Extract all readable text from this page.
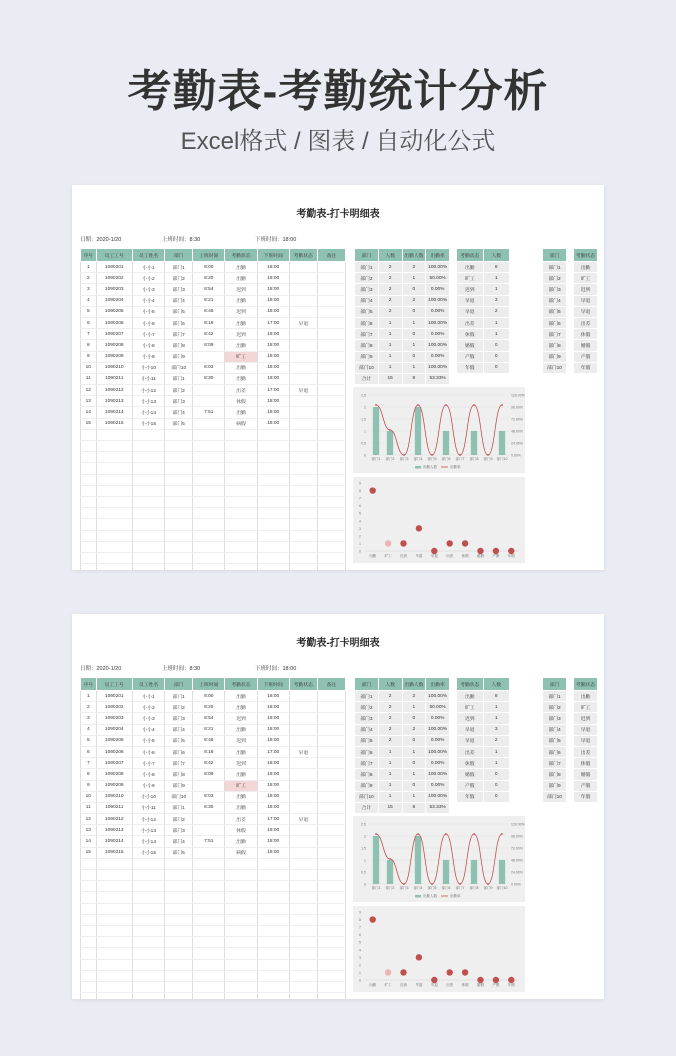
考勤表-考勤统计分析
Excel格式 / 图表 / 自动化公式
考勤表-打卡明细表
日期：2020-1/20	上班时间：8:30	下班时间：18:00
序号	员工工号	员工姓名	部门	上班时间	考勤状态	下班时间	考勤状态	备注
1	1090201	小小1	部门1	8:00	出勤	18:00		
2	1090202	小小2	部门2	8:20	出勤	18:00		
3	1090203	小小3	部门3	8:54	迟到	18:00		
4	1090204	小小4	部门4	8:21	出勤	18:00		
5	1090205	小小5	部门5	8:48	迟到	18:00		
6	1090206	小小6	部门6	8:18	出勤	17:00	早退	
7	1090207	小小7	部门7	8:42	迟到	18:00		
8	1090208	小小8	部门8	8:09	出勤	18:00		
9	1090209	小小9	部门9		旷工	18:00		
10	1090210	小小10	部门10	8:03	出勤	18:00		
11	1090211	小小11	部门1	8:30	出勤	18:00		
12	1090212	小小12	部门2		出差	17:00	早退	
13	1090213	小小13	部门3		休假	18:00		
14	1090214	小小14	部门4	7:51	出勤	18:00		
15	1090215	小小15	部门5		病假	18:00		

部门	人数	出勤人数	出勤率
部门1	2	2	100.00%
部门2	2	1	50.00%
部门3	2	0	0.00%
部门4	2	2	100.00%
部门5	2	0	0.00%
部门6	1	1	100.00%
部门7	1	0	0.00%
部门8	1	1	100.00%
部门9	1	0	0.00%
部门10	1	1	100.00%
合计	15	8	53.33%
考勤状态	人数
出勤	8
旷工	1
迟到	1
早退	3
早退	2
出差	1
休假	1
婚假	0
产假	0
年假	0
部门		考勤状态
部门1		出勤
部门2		旷工
部门3		迟到
部门4		早退
部门5		早退
部门6		出差
部门7		休假
部门8		婚假
部门9		产假
部门10		年假
0	0.00%
0.5	24.00%
1	48.00%
1.5	72.00%
2	96.00%
2.5	120.00%
部门1 部门2 部门3 部门4 部门5 部门6 部门7 部门8 部门9 部门10
出勤人数	出勤率
0
1
2
3
4
5
6
7
8
9
出勤 旷工 迟到 早退 早退 出差 休假 婚假 产假 年假
考勤表-打卡明细表
日期：2020-1/20	上班时间：8:30	下班时间：18:00
序号	员工工号	员工姓名	部门	上班时间	考勤状态	下班时间	考勤状态	备注
1	1090201	小小1	部门1	8:00	出勤	18:00		
2	1090202	小小2	部门2	8:20	出勤	18:00		
3	1090203	小小3	部门3	8:54	迟到	18:00		
4	1090204	小小4	部门4	8:21	出勤	18:00		
5	1090205	小小5	部门5	8:48	迟到	18:00		
6	1090206	小小6	部门6	8:18	出勤	17:00	早退	
7	1090207	小小7	部门7	8:42	迟到	18:00		
8	1090208	小小8	部门8	8:09	出勤	18:00		
9	1090209	小小9	部门9		旷工	18:00		
10	1090210	小小10	部门10	8:03	出勤	18:00		
11	1090211	小小11	部门1	8:30	出勤	18:00		
12	1090212	小小12	部门2		出差	17:00	早退	
13	1090213	小小13	部门3		休假	18:00		
14	1090214	小小14	部门4	7:51	出勤	18:00		
15	1090215	小小15	部门5		病假	18:00		

部门	人数	出勤人数	出勤率
部门1	2	2	100.00%
部门2	2	1	50.00%
部门3	2	0	0.00%
部门4	2	2	100.00%
部门5	2	0	0.00%
部门6	1	1	100.00%
部门7	1	0	0.00%
部门8	1	1	100.00%
部门9	1	0	0.00%
部门10	1	1	100.00%
合计	15	8	53.33%
考勤状态	人数
出勤	8
旷工	1
迟到	1
早退	3
早退	2
出差	1
休假	1
婚假	0
产假	0
年假	0
部门		考勤状态
部门1		出勤
部门2		旷工
部门3		迟到
部门4		早退
部门5		早退
部门6		出差
部门7		休假
部门8		婚假
部门9		产假
部门10		年假
0	0.00%
0.5	24.00%
1	48.00%
1.5	72.00%
2	96.00%
2.5	120.00%
部门1 部门2 部门3 部门4 部门5 部门6 部门7 部门8 部门9 部门10
出勤人数	出勤率
0
1
2
3
4
5
6
7
8
9
出勤 旷工 迟到 早退 早退 出差 休假 婚假 产假 年假
